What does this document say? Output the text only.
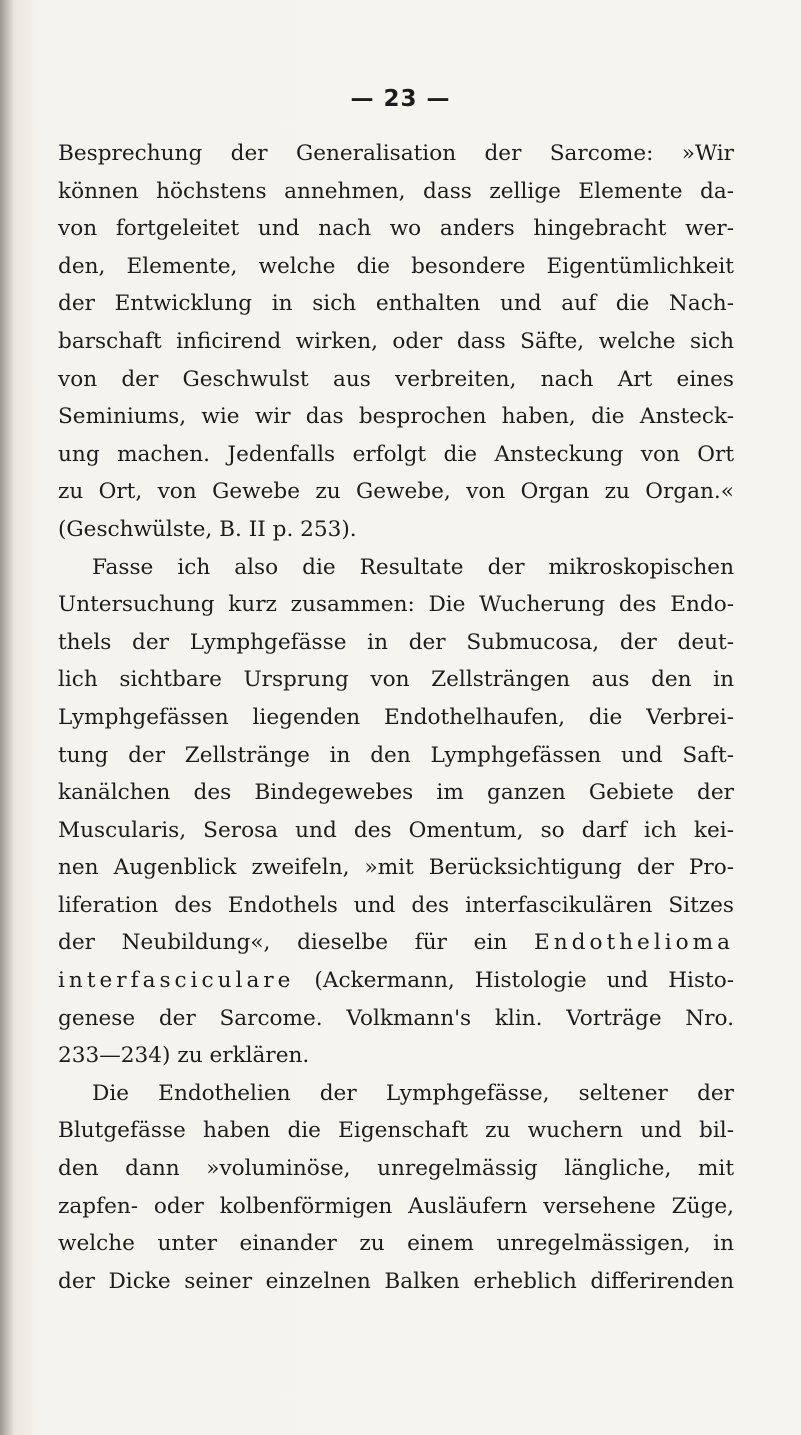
— 23 —
Besprechung der Generalisation der Sarcome: »Wir
können höchstens annehmen, dass zellige Elemente da-
von fortgeleitet und nach wo anders hingebracht wer-
den, Elemente, welche die besondere Eigentümlichkeit
der Entwicklung in sich enthalten und auf die Nach-
barschaft inficirend wirken, oder dass Säfte, welche sich
von der Geschwulst aus verbreiten, nach Art eines
Seminiums, wie wir das besprochen haben, die Ansteck-
ung machen. Jedenfalls erfolgt die Ansteckung von Ort
zu Ort, von Gewebe zu Gewebe, von Organ zu Organ.«
(Geschwülste, B. II p. 253).
Fasse ich also die Resultate der mikroskopischen
Untersuchung kurz zusammen: Die Wucherung des Endo-
thels der Lymphgefässe in der Submucosa, der deut-
lich sichtbare Ursprung von Zellsträngen aus den in
Lymphgefässen liegenden Endothelhaufen, die Verbrei-
tung der Zellstränge in den Lymphgefässen und Saft-
kanälchen des Bindegewebes im ganzen Gebiete der
Muscularis, Serosa und des Omentum, so darf ich kei-
nen Augenblick zweifeln, »mit Berücksichtigung der Pro-
liferation des Endothels und des interfascikulären Sitzes
der Neubildung«, dieselbe für ein Endothelioma
interfasciculare (Ackermann, Histologie und Histo-
genese der Sarcome. Volkmann's klin. Vorträge Nro.
233—234) zu erklären.
Die Endothelien der Lymphgefässe, seltener der
Blutgefässe haben die Eigenschaft zu wuchern und bil-
den dann »voluminöse, unregelmässig längliche, mit
zapfen- oder kolbenförmigen Ausläufern versehene Züge,
welche unter einander zu einem unregelmässigen, in
der Dicke seiner einzelnen Balken erheblich differirenden
